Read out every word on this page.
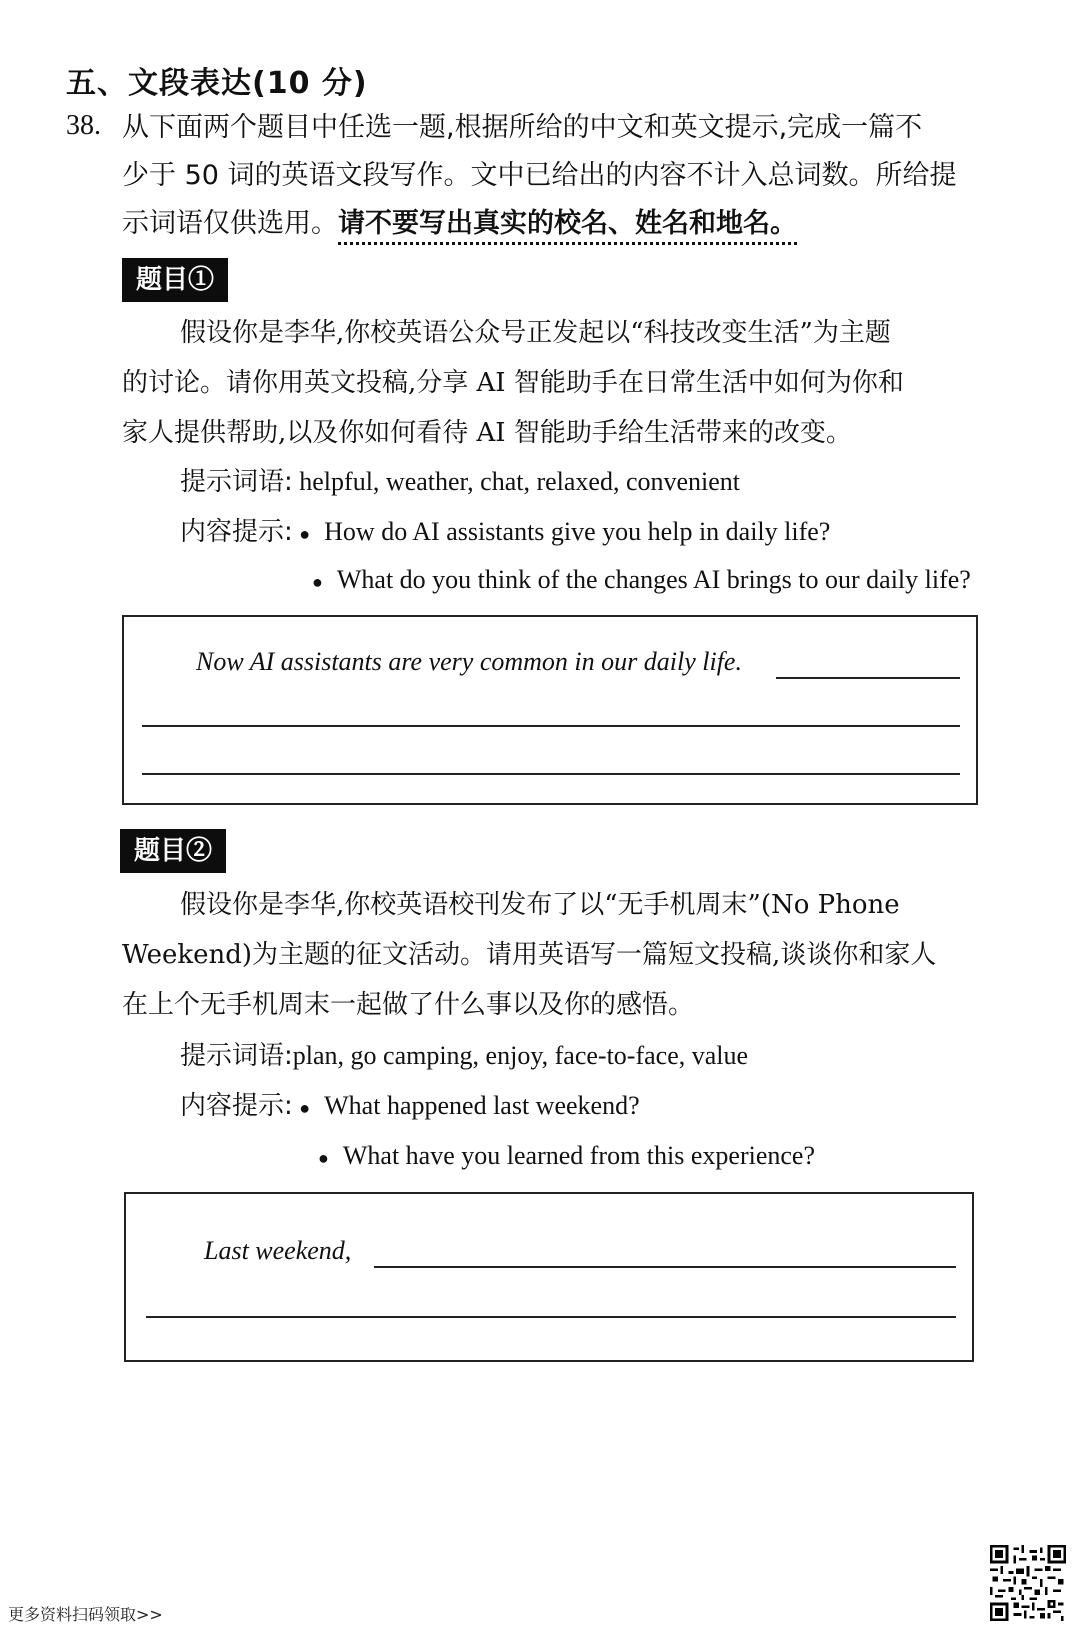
五、文段表达(10 分)
38. 从下面两个题目中任选一题,根据所给的中文和英文提示,完成一篇不
少于 50 词的英语文段写作。文中已给出的内容不计入总词数。所给提
示词语仅供选用。请不要写出真实的校名、姓名和地名。
题目①
假设你是李华,你校英语公众号正发起以“科技改变生活”为主题
的讨论。请你用英文投稿,分享 AI 智能助手在日常生活中如何为你和
家人提供帮助,以及你如何看待 AI 智能助手给生活带来的改变。
提示词语: helpful, weather, chat, relaxed, convenient
内容提示: ● How do AI assistants give you help in daily life?
● What do you think of the changes AI brings to our daily life?
Now AI assistants are very common in our daily life.
题目②
假设你是李华,你校英语校刊发布了以“无手机周末”(No Phone
Weekend)为主题的征文活动。请用英语写一篇短文投稿,谈谈你和家人
在上个无手机周末一起做了什么事以及你的感悟。
提示词语:plan, go camping, enjoy, face-to-face, value
内容提示: ● What happened last weekend?
● What have you learned from this experience?
Last weekend,
更多资料扫码领取>>
